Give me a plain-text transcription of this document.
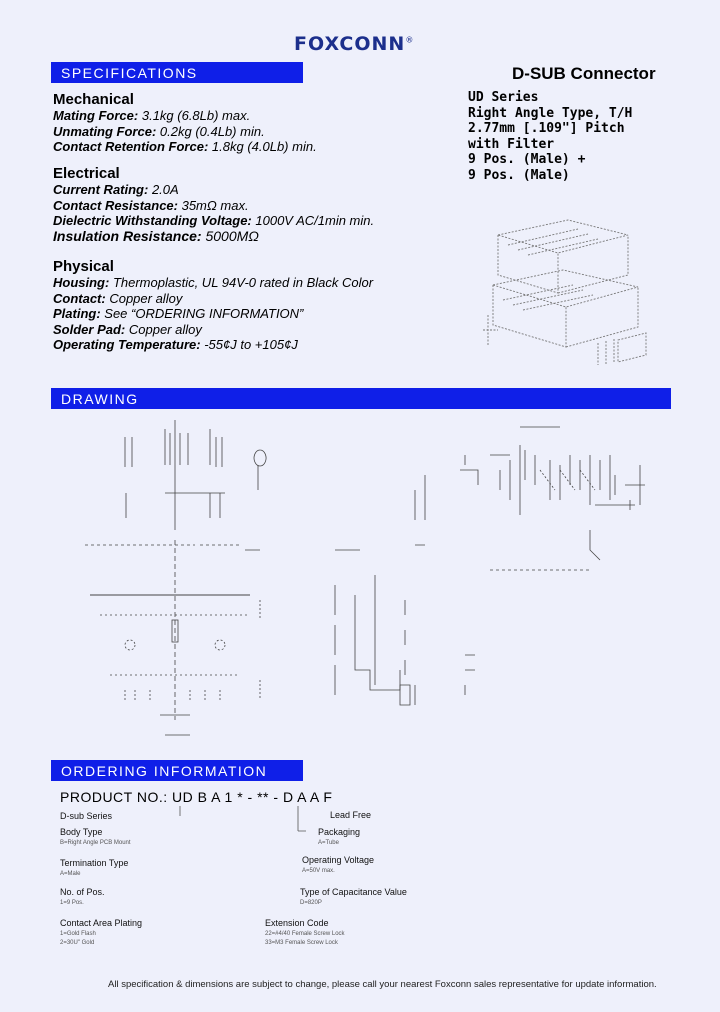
FOXCONN®
SPECIFICATIONS	D-SUB Connector
UD Series
Right Angle Type, T/H
2.77mm [.109"] Pitch
with Filter
9 Pos. (Male) +
9 Pos. (Male)
Mechanical
Mating Force: 3.1kg (6.8Lb) max.
Unmating Force: 0.2kg (0.4Lb) min.
Contact Retention Force: 1.8kg (4.0Lb) min.
Electrical
Current Rating: 2.0A
Contact Resistance: 35mΩ max.
Dielectric Withstanding Voltage: 1000V AC/1min min.
Insulation Resistance: 5000MΩ
Physical
Housing: Thermoplastic, UL 94V-0 rated in Black Color
Contact: Copper alloy
Plating: See “ORDERING INFORMATION”
Solder Pad: Copper alloy
Operating Temperature: -55¢J to +105¢J
DRAWING
ORDERING INFORMATION
PRODUCT NO.: UD B A 1 * - ** - D A A F
D-sub Series
Body Type
B=Right Angle PCB Mount
Termination Type
A=Male
No. of Pos.
1=9 Pos.
Contact Area Plating
1=Gold Flash
2=30U" Gold
Lead Free
Packaging
A=Tube
Operating Voltage
A=50V max.
Type of Capacitance Value
D=820P
Extension Code
22=#4/40 Female Screw Lock
33=M3 Female Screw Lock
All specification & dimensions are subject to change, please call your nearest Foxconn sales representative for update information.
